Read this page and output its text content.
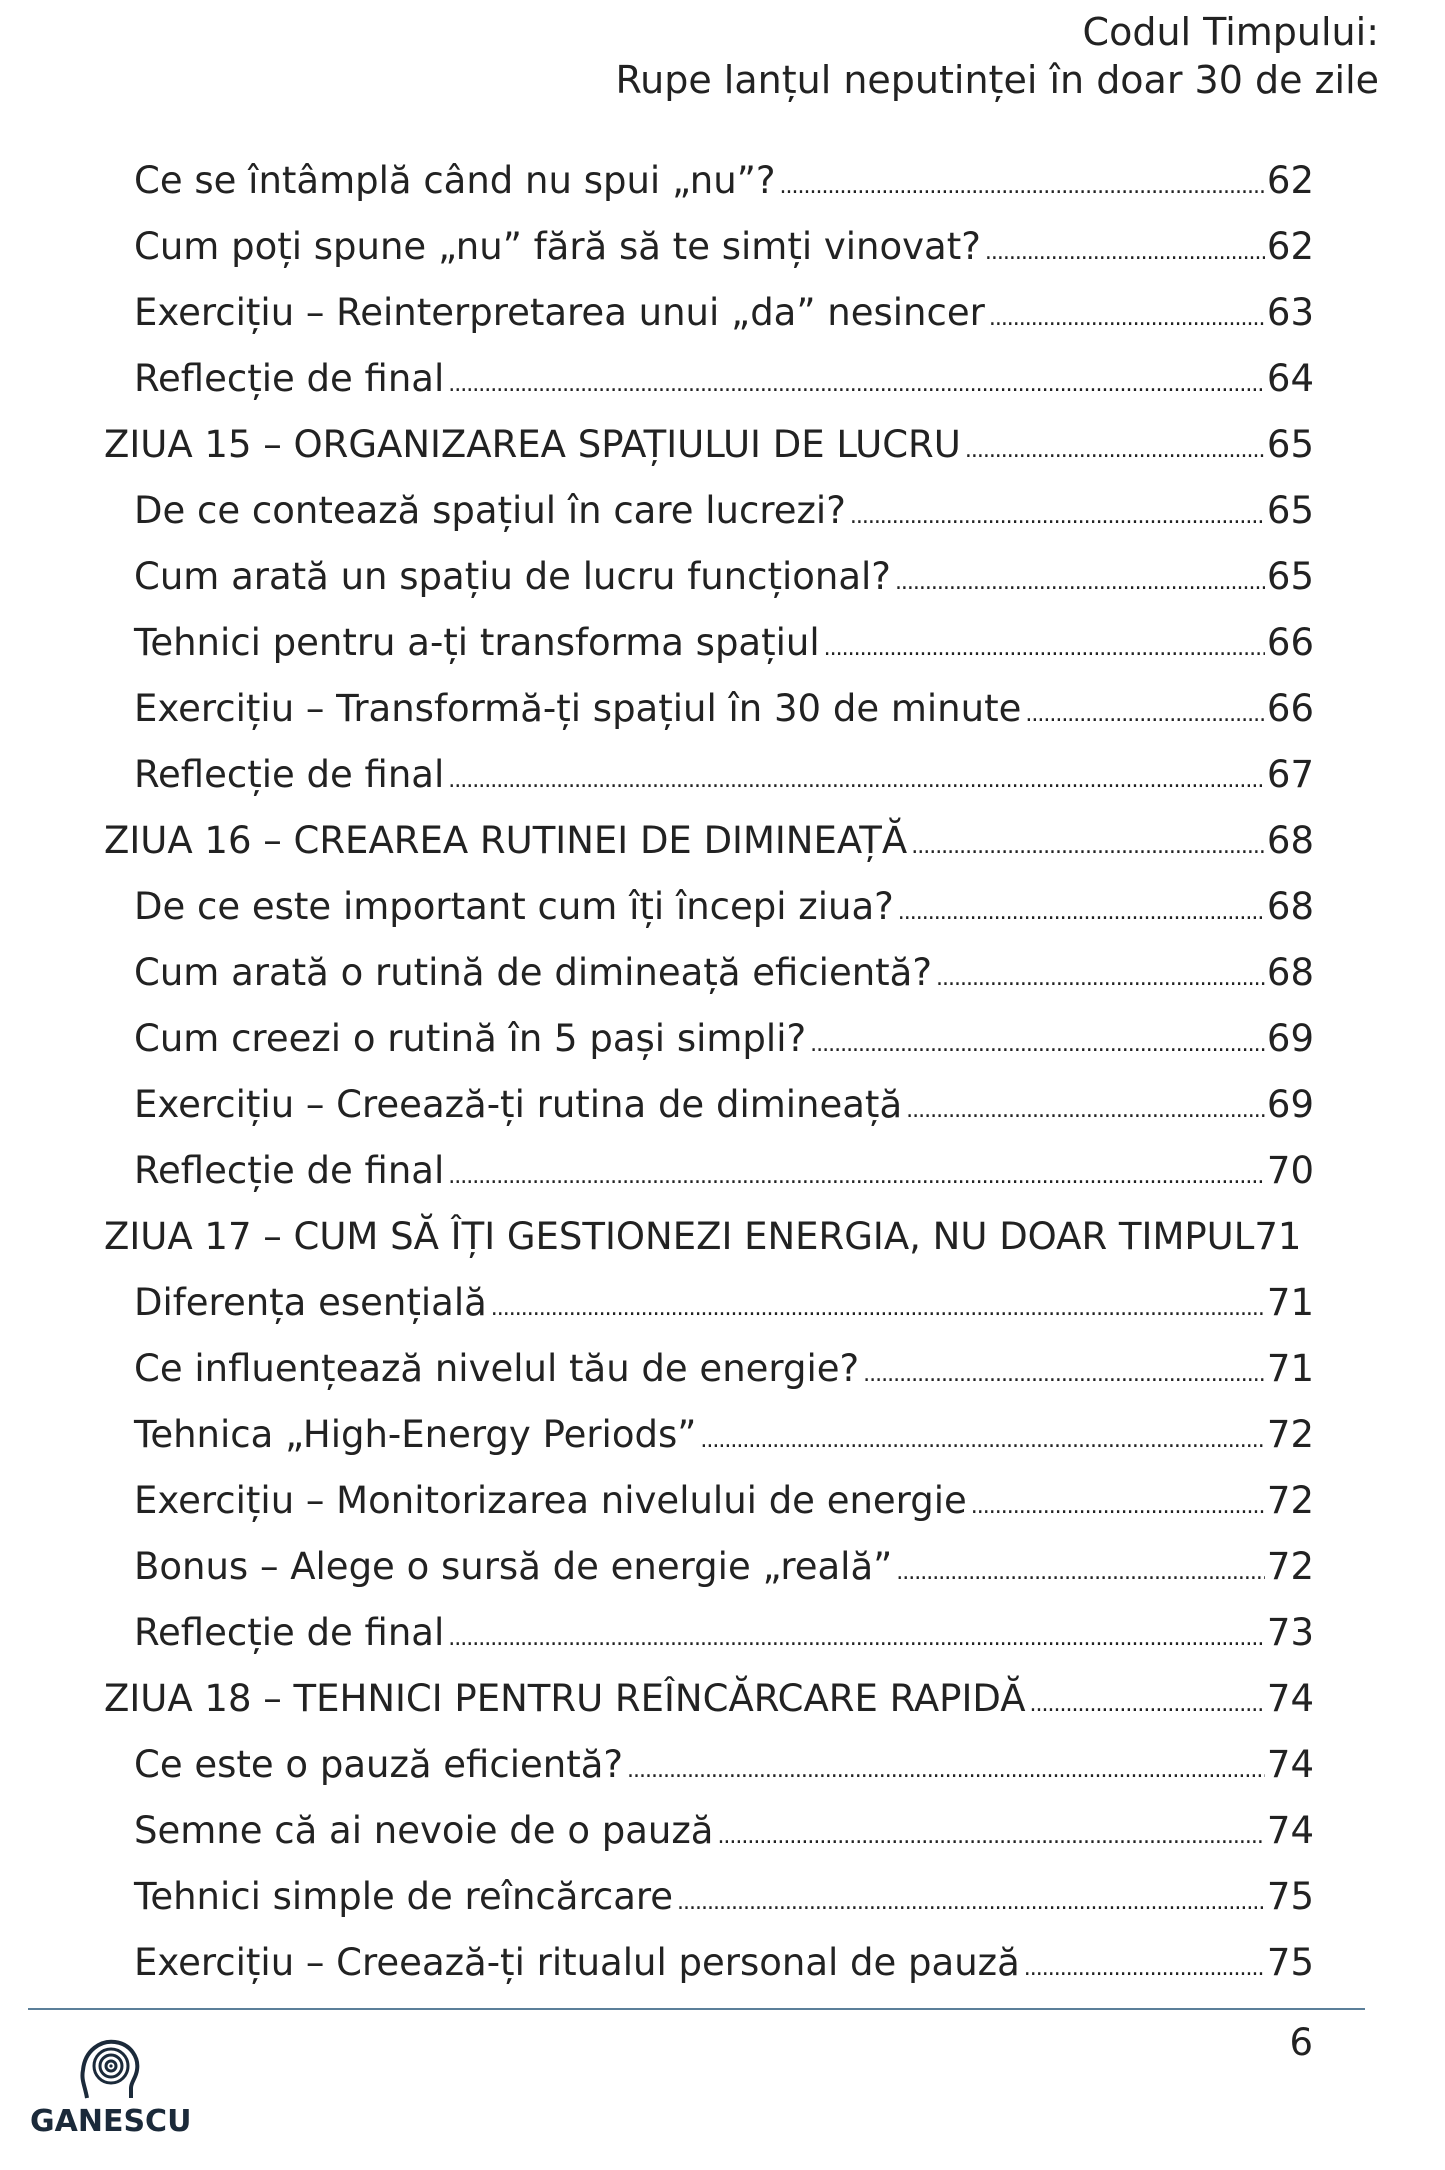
Codul Timpului:
Rupe lanțul neputinței în doar 30 de zile
Ce se întâmplă când nu spui „nu”? .....	62
Cum poți spune „nu” fără să te simți vinovat? .....	62
Exercițiu – Reinterpretarea unui „da” nesincer .....	63
Reflecție de final .....	64
ZIUA 15 – ORGANIZAREA SPAȚIULUI DE LUCRU .....	65
De ce contează spațiul în care lucrezi? .....	65
Cum arată un spațiu de lucru funcțional? .....	65
Tehnici pentru a-ți transforma spațiul .....	66
Exercițiu – Transformă-ți spațiul în 30 de minute .....	66
Reflecție de final .....	67
ZIUA 16 – CREAREA RUTINEI DE DIMINEAȚĂ .....	68
De ce este important cum îți începi ziua? .....	68
Cum arată o rutină de dimineață eficientă? .....	68
Cum creezi o rutină în 5 pași simpli? .....	69
Exercițiu – Creează-ți rutina de dimineață .....	69
Reflecție de final .....	70
ZIUA 17 – CUM SĂ ÎȚI GESTIONEZI ENERGIA, NU DOAR TIMPUL 71
Diferența esențială .....	71
Ce influențează nivelul tău de energie? .....	71
Tehnica „High-Energy Periods” .....	72
Exercițiu – Monitorizarea nivelului de energie .....	72
Bonus – Alege o sursă de energie „reală” .....	72
Reflecție de final .....	73
ZIUA 18 – TEHNICI PENTRU REÎNCĂRCARE RAPIDĂ .....	74
Ce este o pauză eficientă? .....	74
Semne că ai nevoie de o pauză .....	74
Tehnici simple de reîncărcare .....	75
Exercițiu – Creează-ți ritualul personal de pauză .....	75
6
GANESCU
